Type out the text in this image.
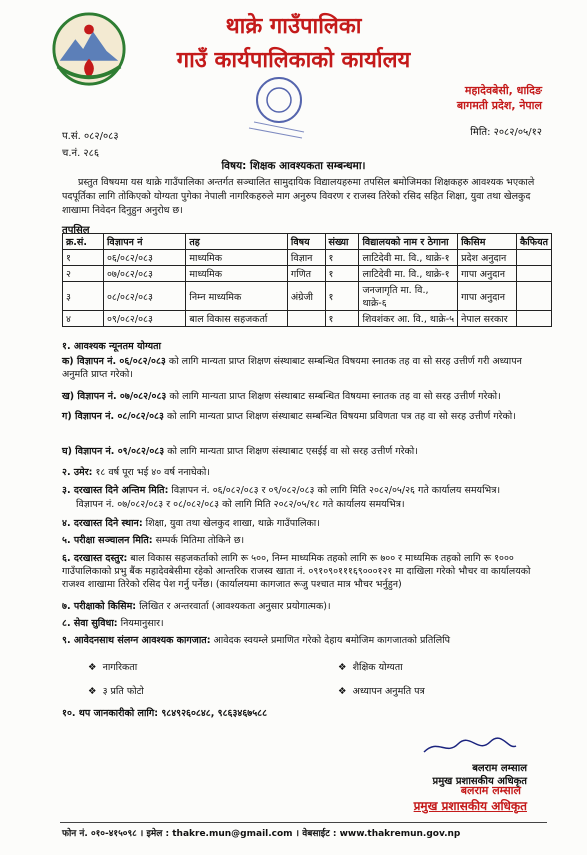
थाक्रे गाउँपालिका
गाउँ कार्यपालिकाको कार्यालय
महादेवबेसी, धादिङ
बागमती प्रदेश, नेपाल
मिति: २०८२/०५/१२
प.सं. ०८२/०८३
च.नं. २८६
विषय: शिक्षक आवश्यकता सम्बन्धमा।
प्रस्तुत विषयमा यस थाक्रे गाउँपालिका अन्तर्गत सञ्चालित सामुदायिक विद्यालयहरुमा तपसिल बमोजिमका शिक्षकहरु आवश्यक भएकाले पदपूर्तिका लागि तोकिएको योग्यता पुगेका नेपाली नागरिकहरुले माग अनुरुप विवरण र राजस्व तिरेको रसिद सहित शिक्षा, युवा तथा खेलकुद शाखामा निवेदन दिनुहुन अनुरोध छ।
तपसिल
क्र.सं.	विज्ञापन नं	तह	विषय	संख्या	विद्यालयको नाम र ठेगाना	किसिम	कैफियत
१	०६/०८२/०८३	माध्यमिक	विज्ञान	१	लाटिदेवी मा. वि., थाक्रे-१	प्रदेश अनुदान	
२	०७/०८२/०८३	माध्यमिक	गणित	१	लाटिदेवी मा. वि., थाक्रे-१	गापा अनुदान	
३	०८/०८२/०८३	निम्न माध्यमिक	अंग्रेजी	१	जनजागृति मा. वि., थाक्रे-६	गापा अनुदान	
४	०९/०८२/०८३	बाल विकास सहजकर्ता		१	शिवशंकर आ. वि., थाक्रे-५	नेपाल सरकार	
१. आवश्यक न्यूनतम योग्यता
क) विज्ञापन नं. ०६/०८२/०८३ को लागि मान्यता प्राप्त शिक्षण संस्थाबाट सम्बन्धित विषयमा स्नातक तह वा सो सरह उत्तीर्ण गरी अध्यापन अनुमति प्राप्त गरेको।
ख) विज्ञापन नं. ०७/०८२/०८३ को लागि मान्यता प्राप्त शिक्षण संस्थाबाट सम्बन्धित विषयमा स्नातक तह वा सो सरह उत्तीर्ण गरेको।
ग) विज्ञापन नं. ०८/०८२/०८३ को लागि मान्यता प्राप्त शिक्षण संस्थाबाट सम्बन्धित विषयमा प्रविणता पत्र तह वा सो सरह उत्तीर्ण गरेको।
घ) विज्ञापन नं. ०९/०८२/०८३ को लागि मान्यता प्राप्त शिक्षण संस्थाबाट एसईई वा सो सरह उत्तीर्ण गरेको।
२. उमेर: १८ वर्ष पूरा भई ४० वर्ष ननाघेको।
३. दरखास्त दिने अन्तिम मिति: विज्ञापन नं. ०६/०८२/०८३ र ०९/०८२/०८३ को लागि मिति २०८२/०५/२६ गते कार्यालय समयभित्र।
विज्ञापन नं. ०७/०८२/०८३ र ०८/०८२/०८३ को लागि मिति २०८२/०५/१८ गते कार्यालय समयभित्र।
४. दरखास्त दिने स्थान: शिक्षा, युवा तथा खेलकुद शाखा, थाक्रे गाउँपालिका।
५. परीक्षा सञ्चालन मिति: सम्पर्क मितिमा तोकिने छ।
६. दरखास्त दस्तुर: बाल विकास सहजकर्ताको लागि रू ५००, निम्न माध्यमिक तहको लागि रू ७०० र माध्यमिक तहको लागि रू १००० गाउँपालिकाको प्रभु बैंक महादेवबेसीमा रहेको आन्तरिक राजस्व खाता नं. ०९१०९०१११६९०००१२१ मा दाखिला गरेको भौचर वा कार्यालयको राजश्व शाखामा तिरेको रसिद पेश गर्नु पर्नेछ। (कार्यालयमा कागजात रूजु पश्चात मात्र भौचर भर्नुहुन)
७. परीक्षाको किसिम: लिखित र अन्तरवार्ता (आवश्यकता अनुसार प्रयोगात्मक)।
८. सेवा सुविधा: नियमानुसार।
९. आवेदनसाथ संलग्न आवश्यक कागजात: आवेदक स्वयम्ले प्रमाणित गरेको देहाय बमोजिम कागजातको प्रतिलिपि
❖  नागरिकता	❖  शैक्षिक योग्यता
❖  ३ प्रति फोटो	❖  अध्यापन अनुमति पत्र
१०. थप जानकारीको लागि: ९८४९२६०८४८, ९८६३४६७५८८
बलराम लम्साल
प्रमुख प्रशासकीय अधिकृत
बलराम लम्साल
प्रमुख प्रशासकीय अधिकृत
फोन नं. ०१०-४१५०९८ । इमेल : thakre.mun@gmail.com । वेबसाईट : www.thakremun.gov.np
